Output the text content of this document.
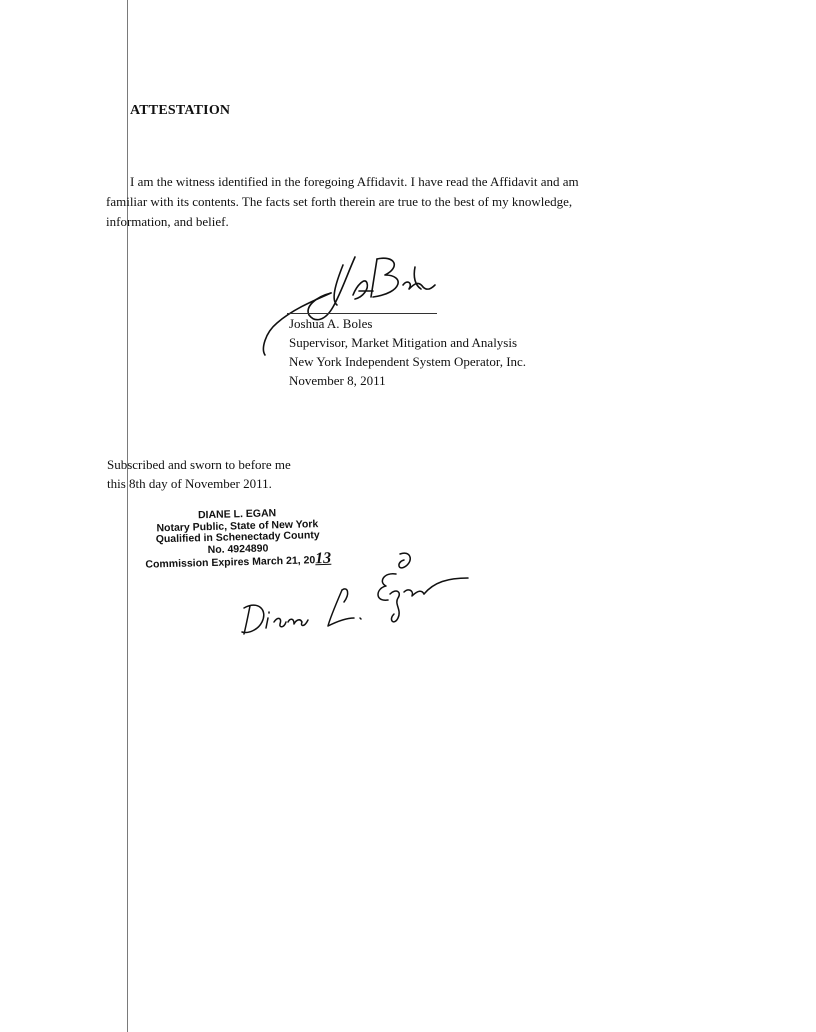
ATTESTATION

I am the witness identified in the foregoing Affidavit. I have read the Affidavit and am
familiar with its contents. The facts set forth therein are true to the best of my knowledge,
information, and belief.

Joshua A. Boles
Supervisor, Market Mitigation and Analysis
New York Independent System Operator, Inc.
November 8, 2011
Subscribed and sworn to before me
this 8th day of November 2011.
DIANE L. EGAN
Notary Public, State of New York
Qualified in Schenectady County
No. 4924890
Commission Expires March 21, 2013
